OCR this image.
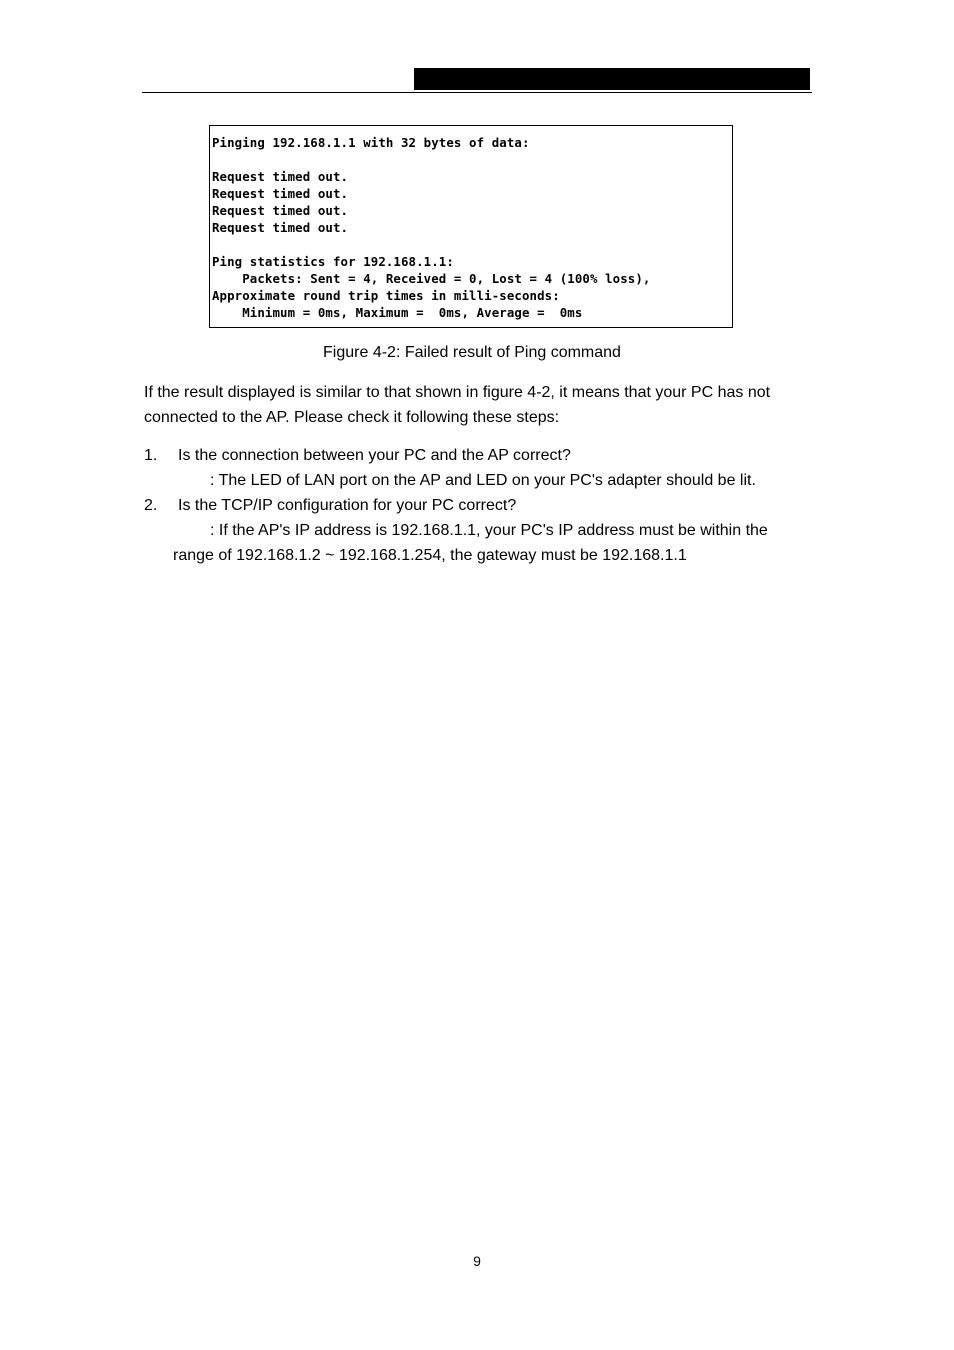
Pinging 192.168.1.1 with 32 bytes of data:

Request timed out.
Request timed out.
Request timed out.
Request timed out.

Ping statistics for 192.168.1.1:
Packets: Sent = 4, Received = 0, Lost = 4 (100% loss),
Approximate round trip times in milli-seconds:
Minimum = 0ms, Maximum =  0ms, Average =  0ms
Figure 4-2: Failed result of Ping command
If the result displayed is similar to that shown in figure 4-2, it means that your PC has not connected to the AP. Please check it following these steps:
1. Is the connection between your PC and the AP correct?
: The LED of LAN port on the AP and LED on your PC's adapter should be lit.
2. Is the TCP/IP configuration for your PC correct?
: If the AP's IP address is 192.168.1.1, your PC's IP address must be within the
range of 192.168.1.2 ~ 192.168.1.254, the gateway must be 192.168.1.1
9
